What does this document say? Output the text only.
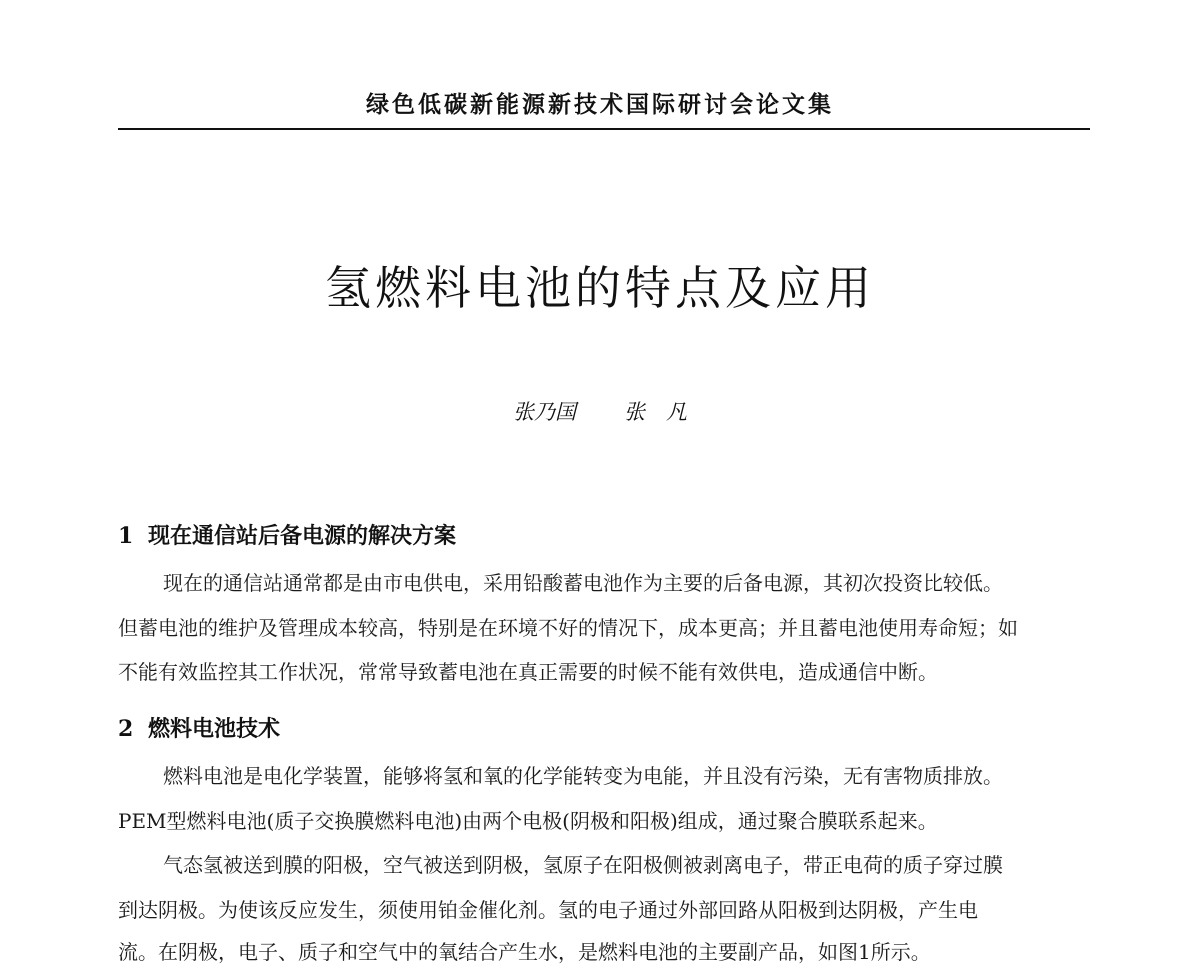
绿色低碳新能源新技术国际研讨会论文集
氢燃料电池的特点及应用
张乃国 张　凡
1 现在通信站后备电源的解决方案
现在的通信站通常都是由市电供电，采用铅酸蓄电池作为主要的后备电源，其初次投资比较低。
但蓄电池的维护及管理成本较高，特别是在环境不好的情况下，成本更高；并且蓄电池使用寿命短；如
不能有效监控其工作状况，常常导致蓄电池在真正需要的时候不能有效供电，造成通信中断。
2 燃料电池技术
燃料电池是电化学装置，能够将氢和氧的化学能转变为电能，并且没有污染，无有害物质排放。
PEM型燃料电池(质子交换膜燃料电池)由两个电极(阴极和阳极)组成，通过聚合膜联系起来。
气态氢被送到膜的阳极，空气被送到阴极，氢原子在阳极侧被剥离电子，带正电荷的质子穿过膜
到达阴极。为使该反应发生，须使用铂金催化剂。氢的电子通过外部回路从阳极到达阴极，产生电
流。在阴极，电子、质子和空气中的氧结合产生水，是燃料电池的主要副产品，如图1所示。
